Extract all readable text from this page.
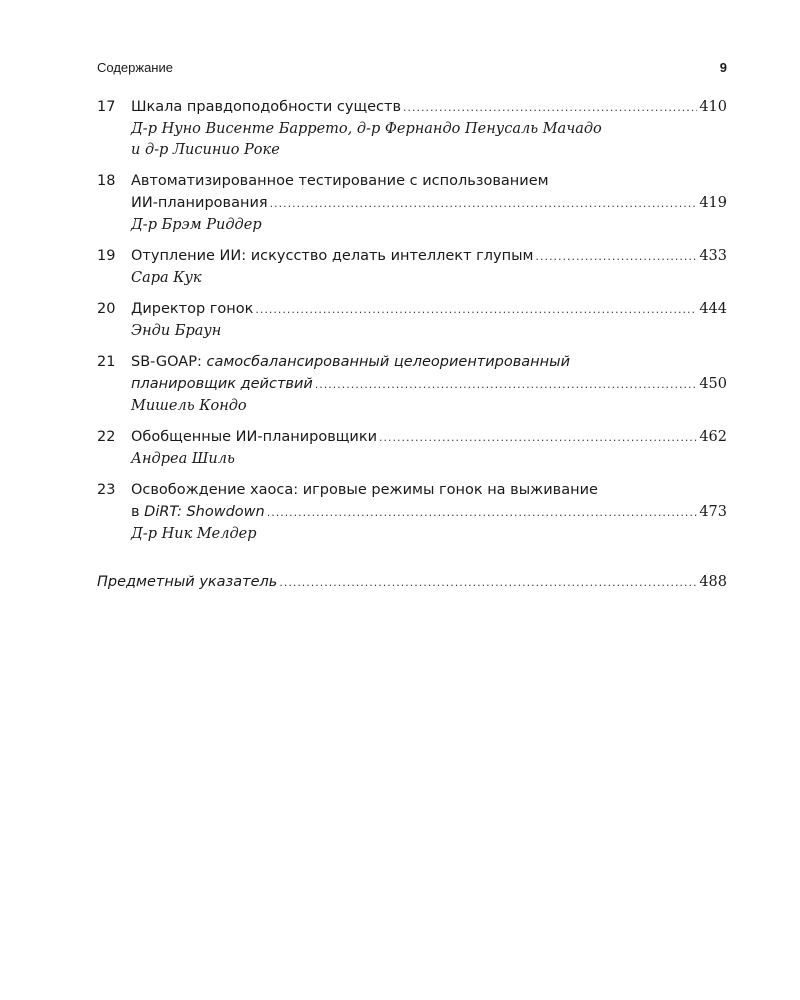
Содержание	9
17	Шкала правдоподобности существ .....	410
Д-р Нуно Висенте Баррето, д-р Фернандо Пенусаль Мачадо
и д-р Лисинио Роке
18	Автоматизированное тестирование с использованием
ИИ-планирования .....	419
Д-р Брэм Риддер
19	Отупление ИИ: искусство делать интеллект глупым .....	433
Сара Кук
20	Директор гонок .....	444
Энди Браун
21	SB-GOAP: самосбалансированный целеориентированный
планировщик действий .....	450
Мишель Кондо
22	Обобщенные ИИ-планировщики .....	462
Андреа Шиль
23	Освобождение хаоса: игровые режимы гонок на выживание
в DiRT: Showdown .....	473
Д-р Ник Мелдер
Предметный указатель .....	488
